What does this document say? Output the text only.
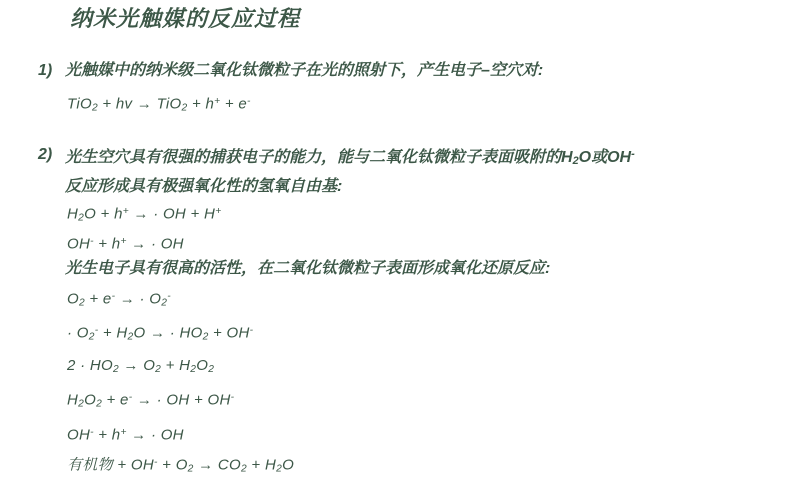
纳米光触媒的反应过程
1) 光触媒中的纳米级二氧化钛微粒子在光的照射下，产生电子–空穴对:
TiO$_2$ + hv → TiO$_2$ + h+ + e-
2) 光生空穴具有很强的捕获电子的能力，能与二氧化钛微粒子表面吸附的$H_2O$或OH-
反应形成具有极强氧化性的氢氧自由基:
$H_2O + h^+$ → · OH + H+
OH- + h+ → · OH
光生电子具有很高的活性，在二氧化钛微粒子表面形成氧化还原反应:
$O_2 + e^-$ → · $O_2^-$
· $O_2^- + H_2O$ → · $HO_2 + OH^-$
$2 \cdot HO_2 \to O_2 + H_2O_2$
$H_2O_2 + e^-$ → · OH + OH-
OH- + h+ → · OH
有机物 + $OH^- + O_2 \to CO_2 + H_2O$
